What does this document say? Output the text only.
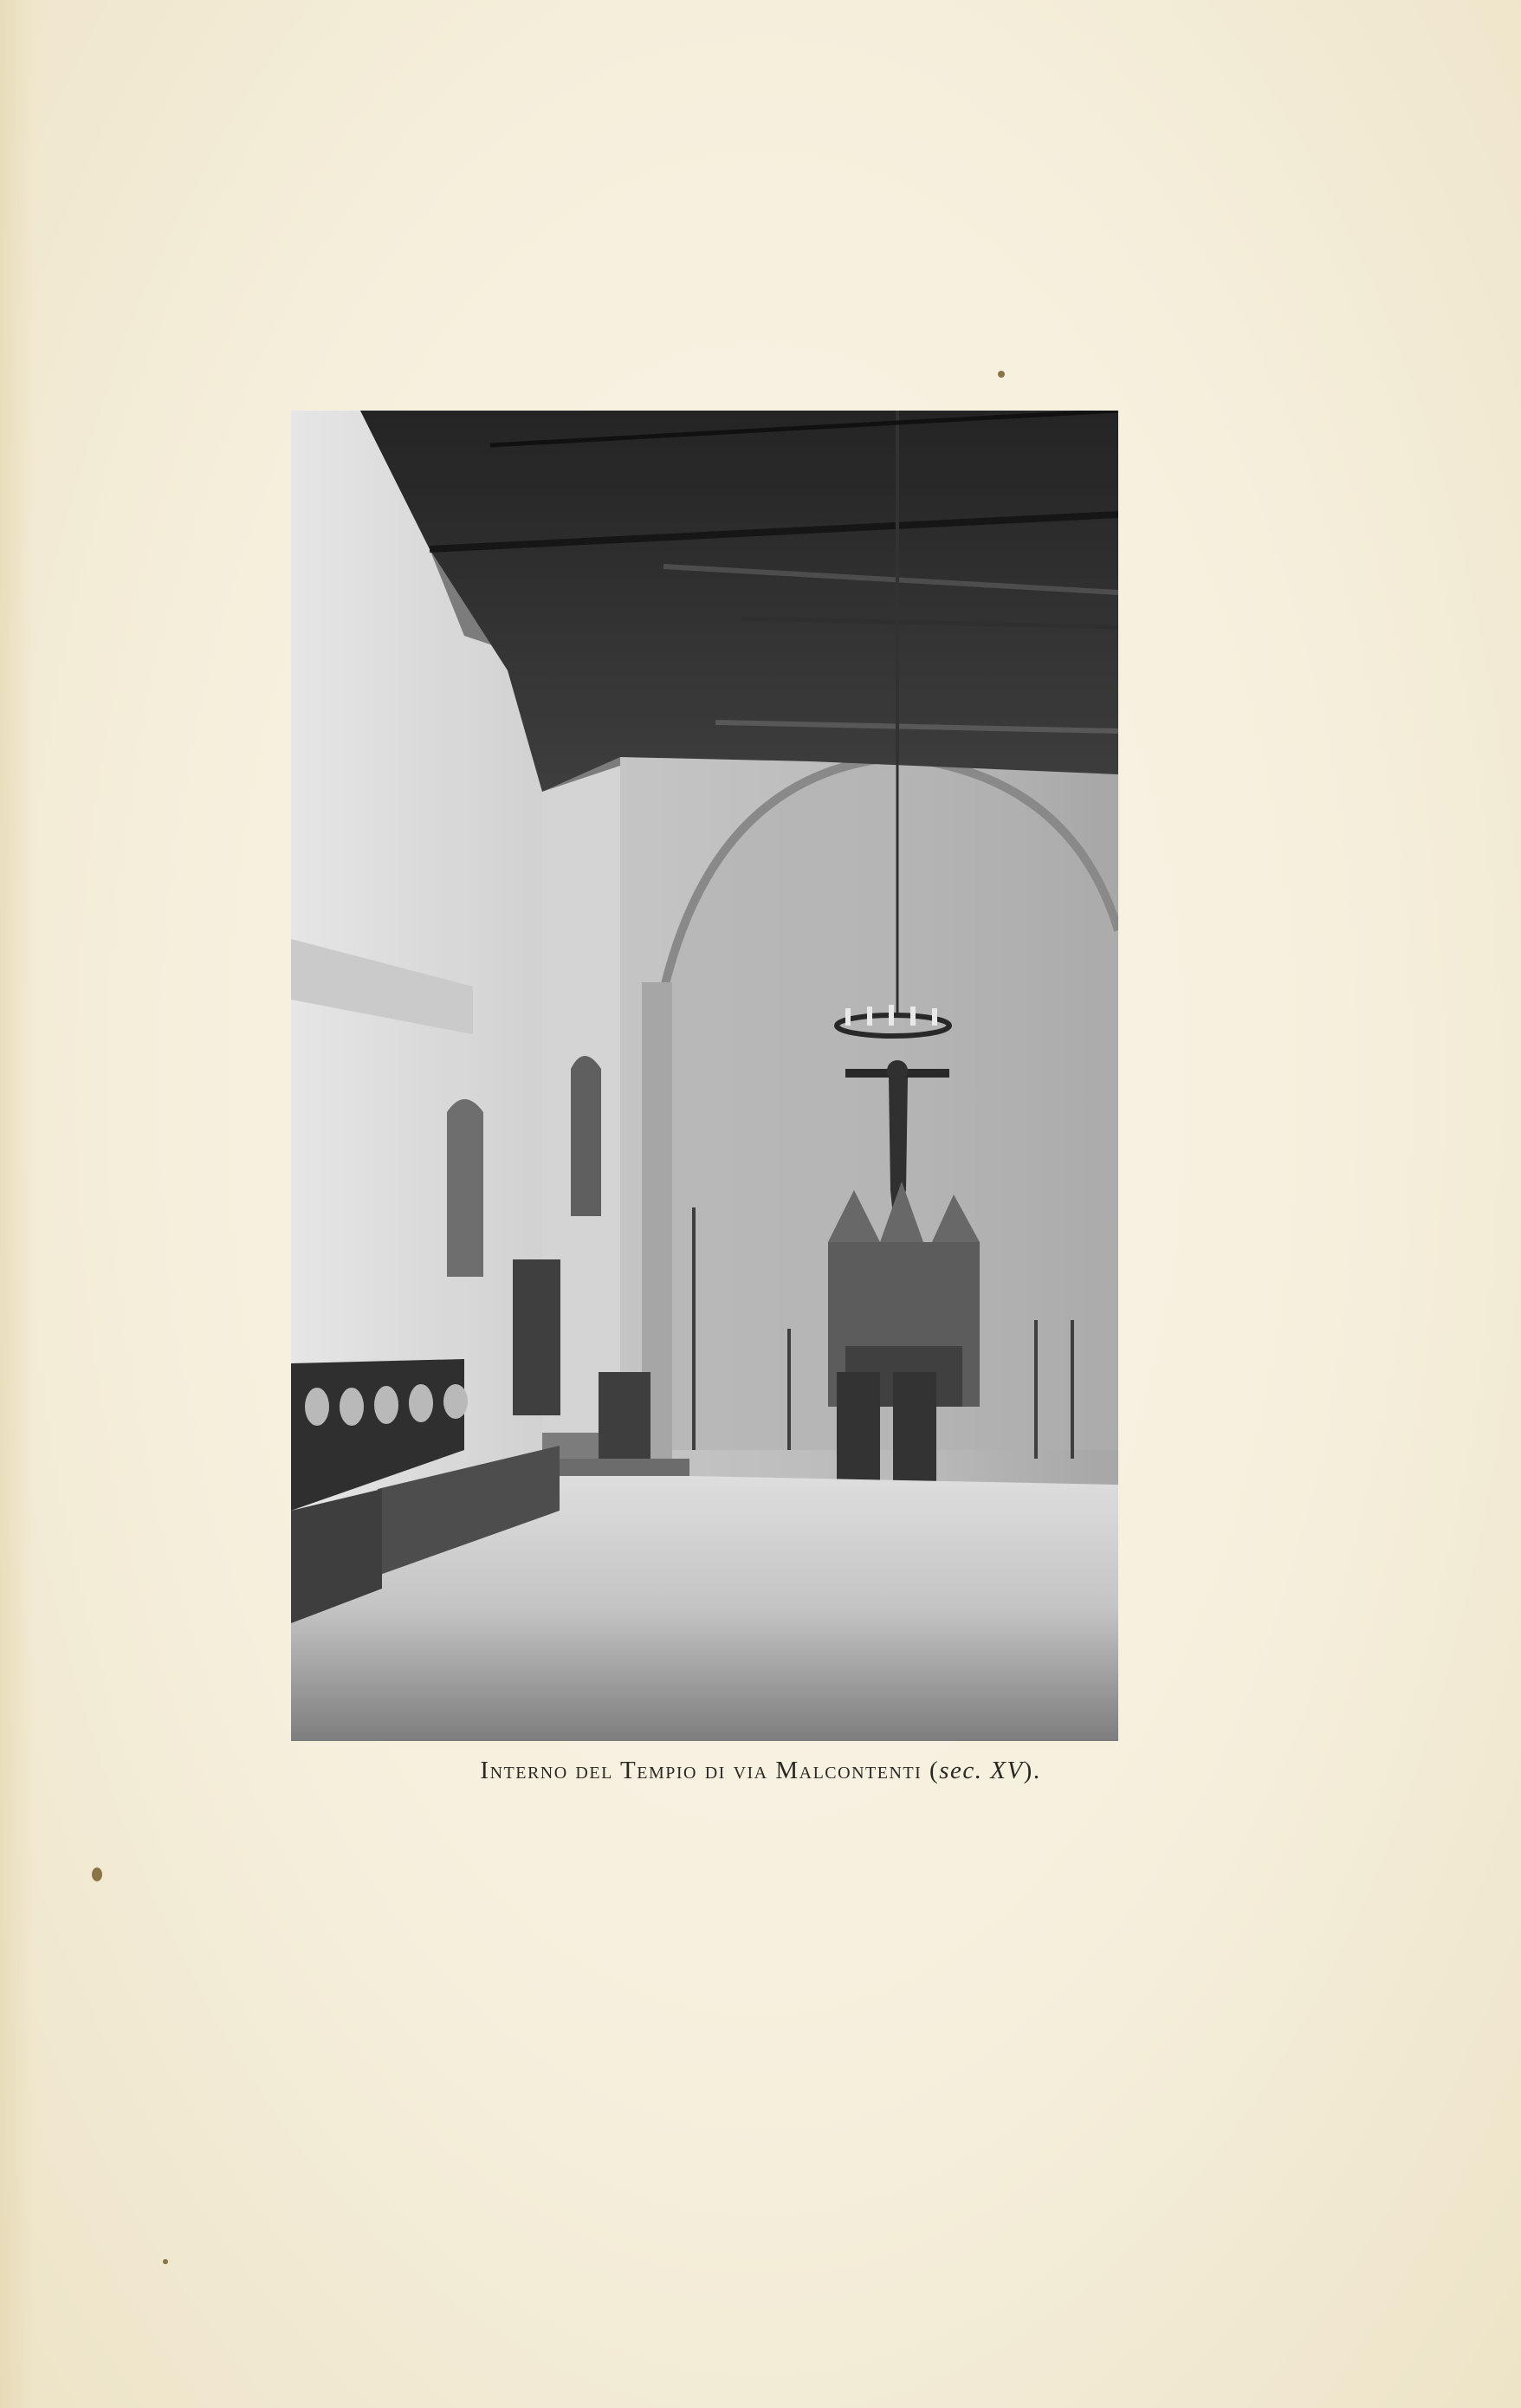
Interno del Tempio di via Malcontenti (sec. XV).
